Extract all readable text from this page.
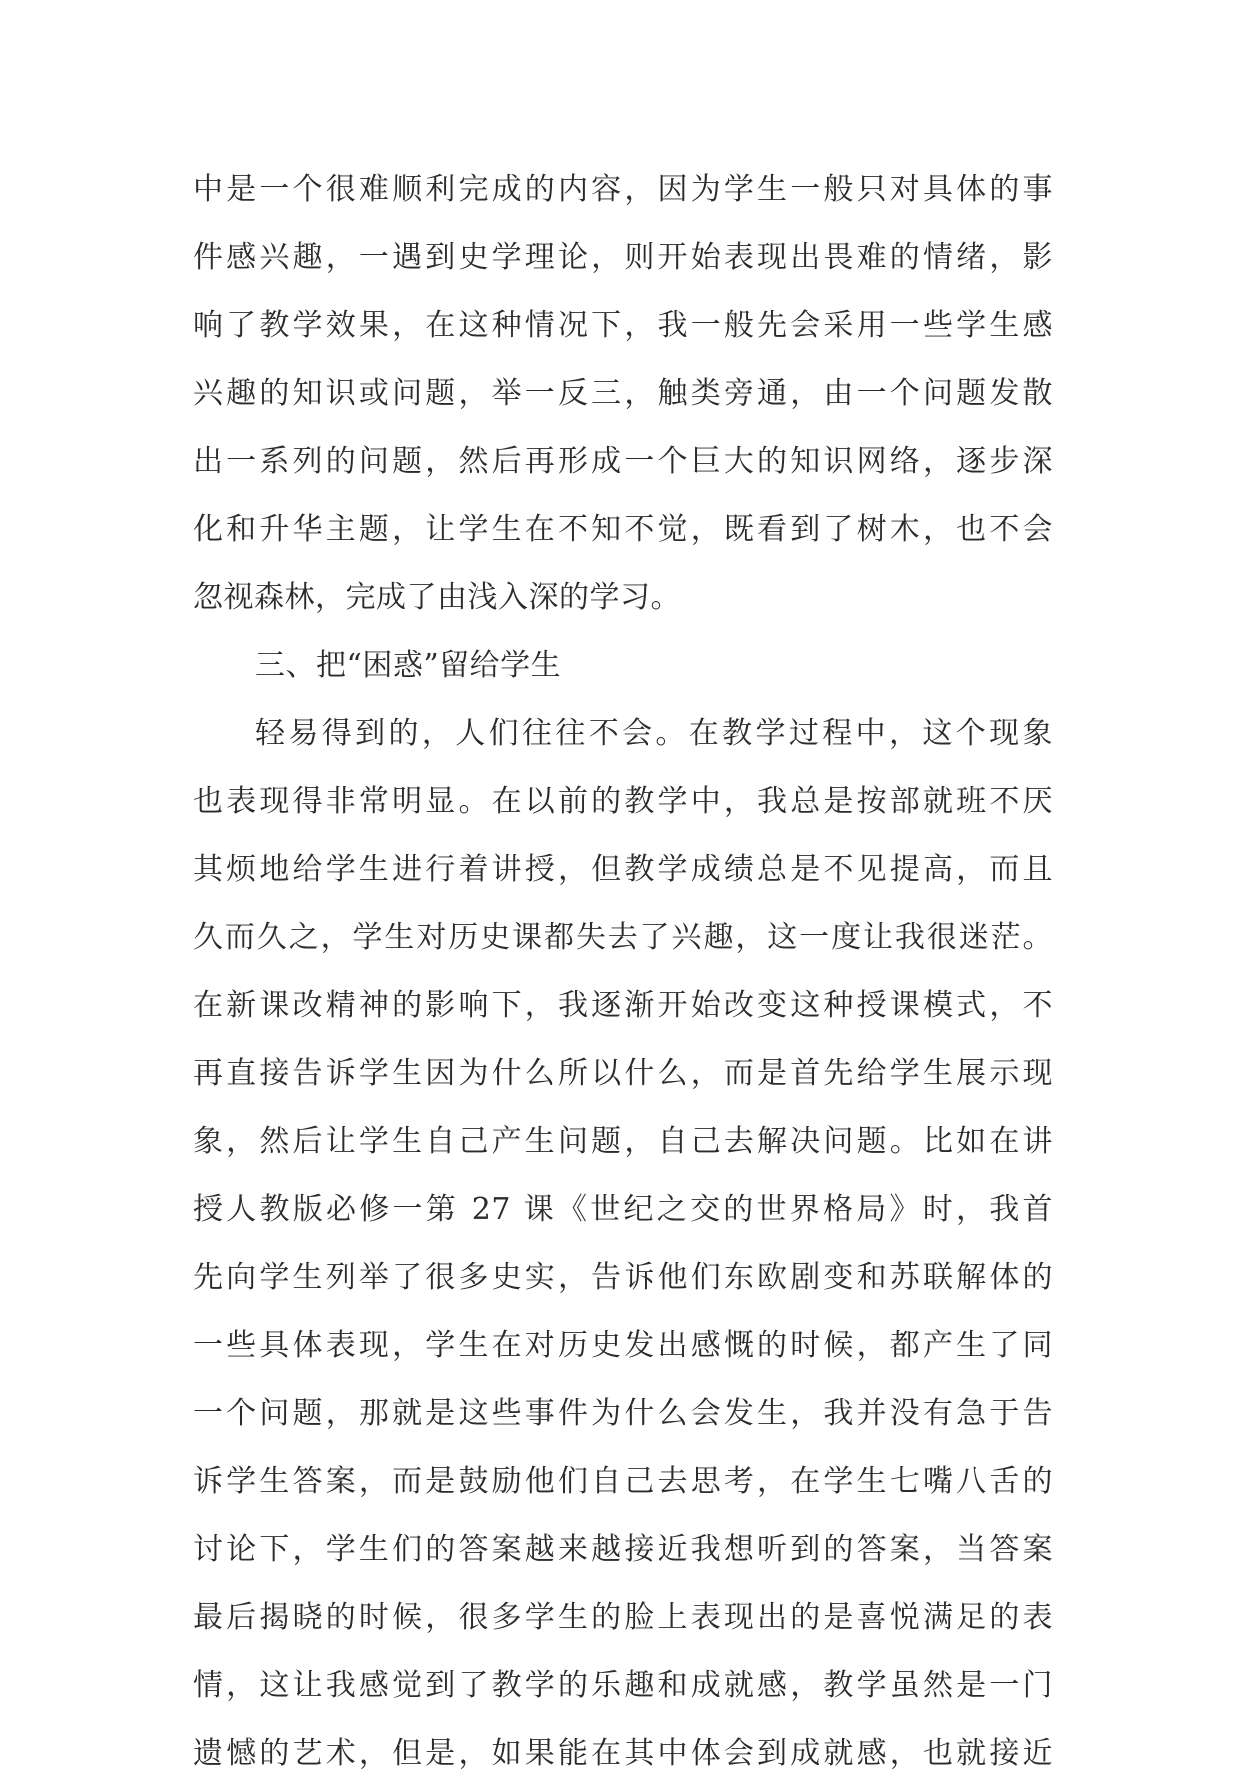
中是一个很难顺利完成的内容，因为学生一般只对具体的事
件感兴趣，一遇到史学理论，则开始表现出畏难的情绪，影
响了教学效果，在这种情况下，我一般先会采用一些学生感
兴趣的知识或问题，举一反三，触类旁通，由一个问题发散
出一系列的问题，然后再形成一个巨大的知识网络，逐步深
化和升华主题，让学生在不知不觉，既看到了树木，也不会
忽视森林，完成了由浅入深的学习。
三、把“困惑”留给学生
轻易得到的，人们往往不会。在教学过程中，这个现象
也表现得非常明显。在以前的教学中，我总是按部就班不厌
其烦地给学生进行着讲授，但教学成绩总是不见提高，而且
久而久之，学生对历史课都失去了兴趣，这一度让我很迷茫。
在新课改精神的影响下，我逐渐开始改变这种授课模式，不
再直接告诉学生因为什么所以什么，而是首先给学生展示现
象，然后让学生自己产生问题，自己去解决问题。比如在讲
授人教版必修一第 27 课《世纪之交的世界格局》时，我首
先向学生列举了很多史实，告诉他们东欧剧变和苏联解体的
一些具体表现，学生在对历史发出感慨的时候，都产生了同
一个问题，那就是这些事件为什么会发生，我并没有急于告
诉学生答案，而是鼓励他们自己去思考，在学生七嘴八舌的
讨论下，学生们的答案越来越接近我想听到的答案，当答案
最后揭晓的时候，很多学生的脸上表现出的是喜悦满足的表
情，这让我感觉到了教学的乐趣和成就感，教学虽然是一门
遗憾的艺术，但是，如果能在其中体会到成就感，也就接近
